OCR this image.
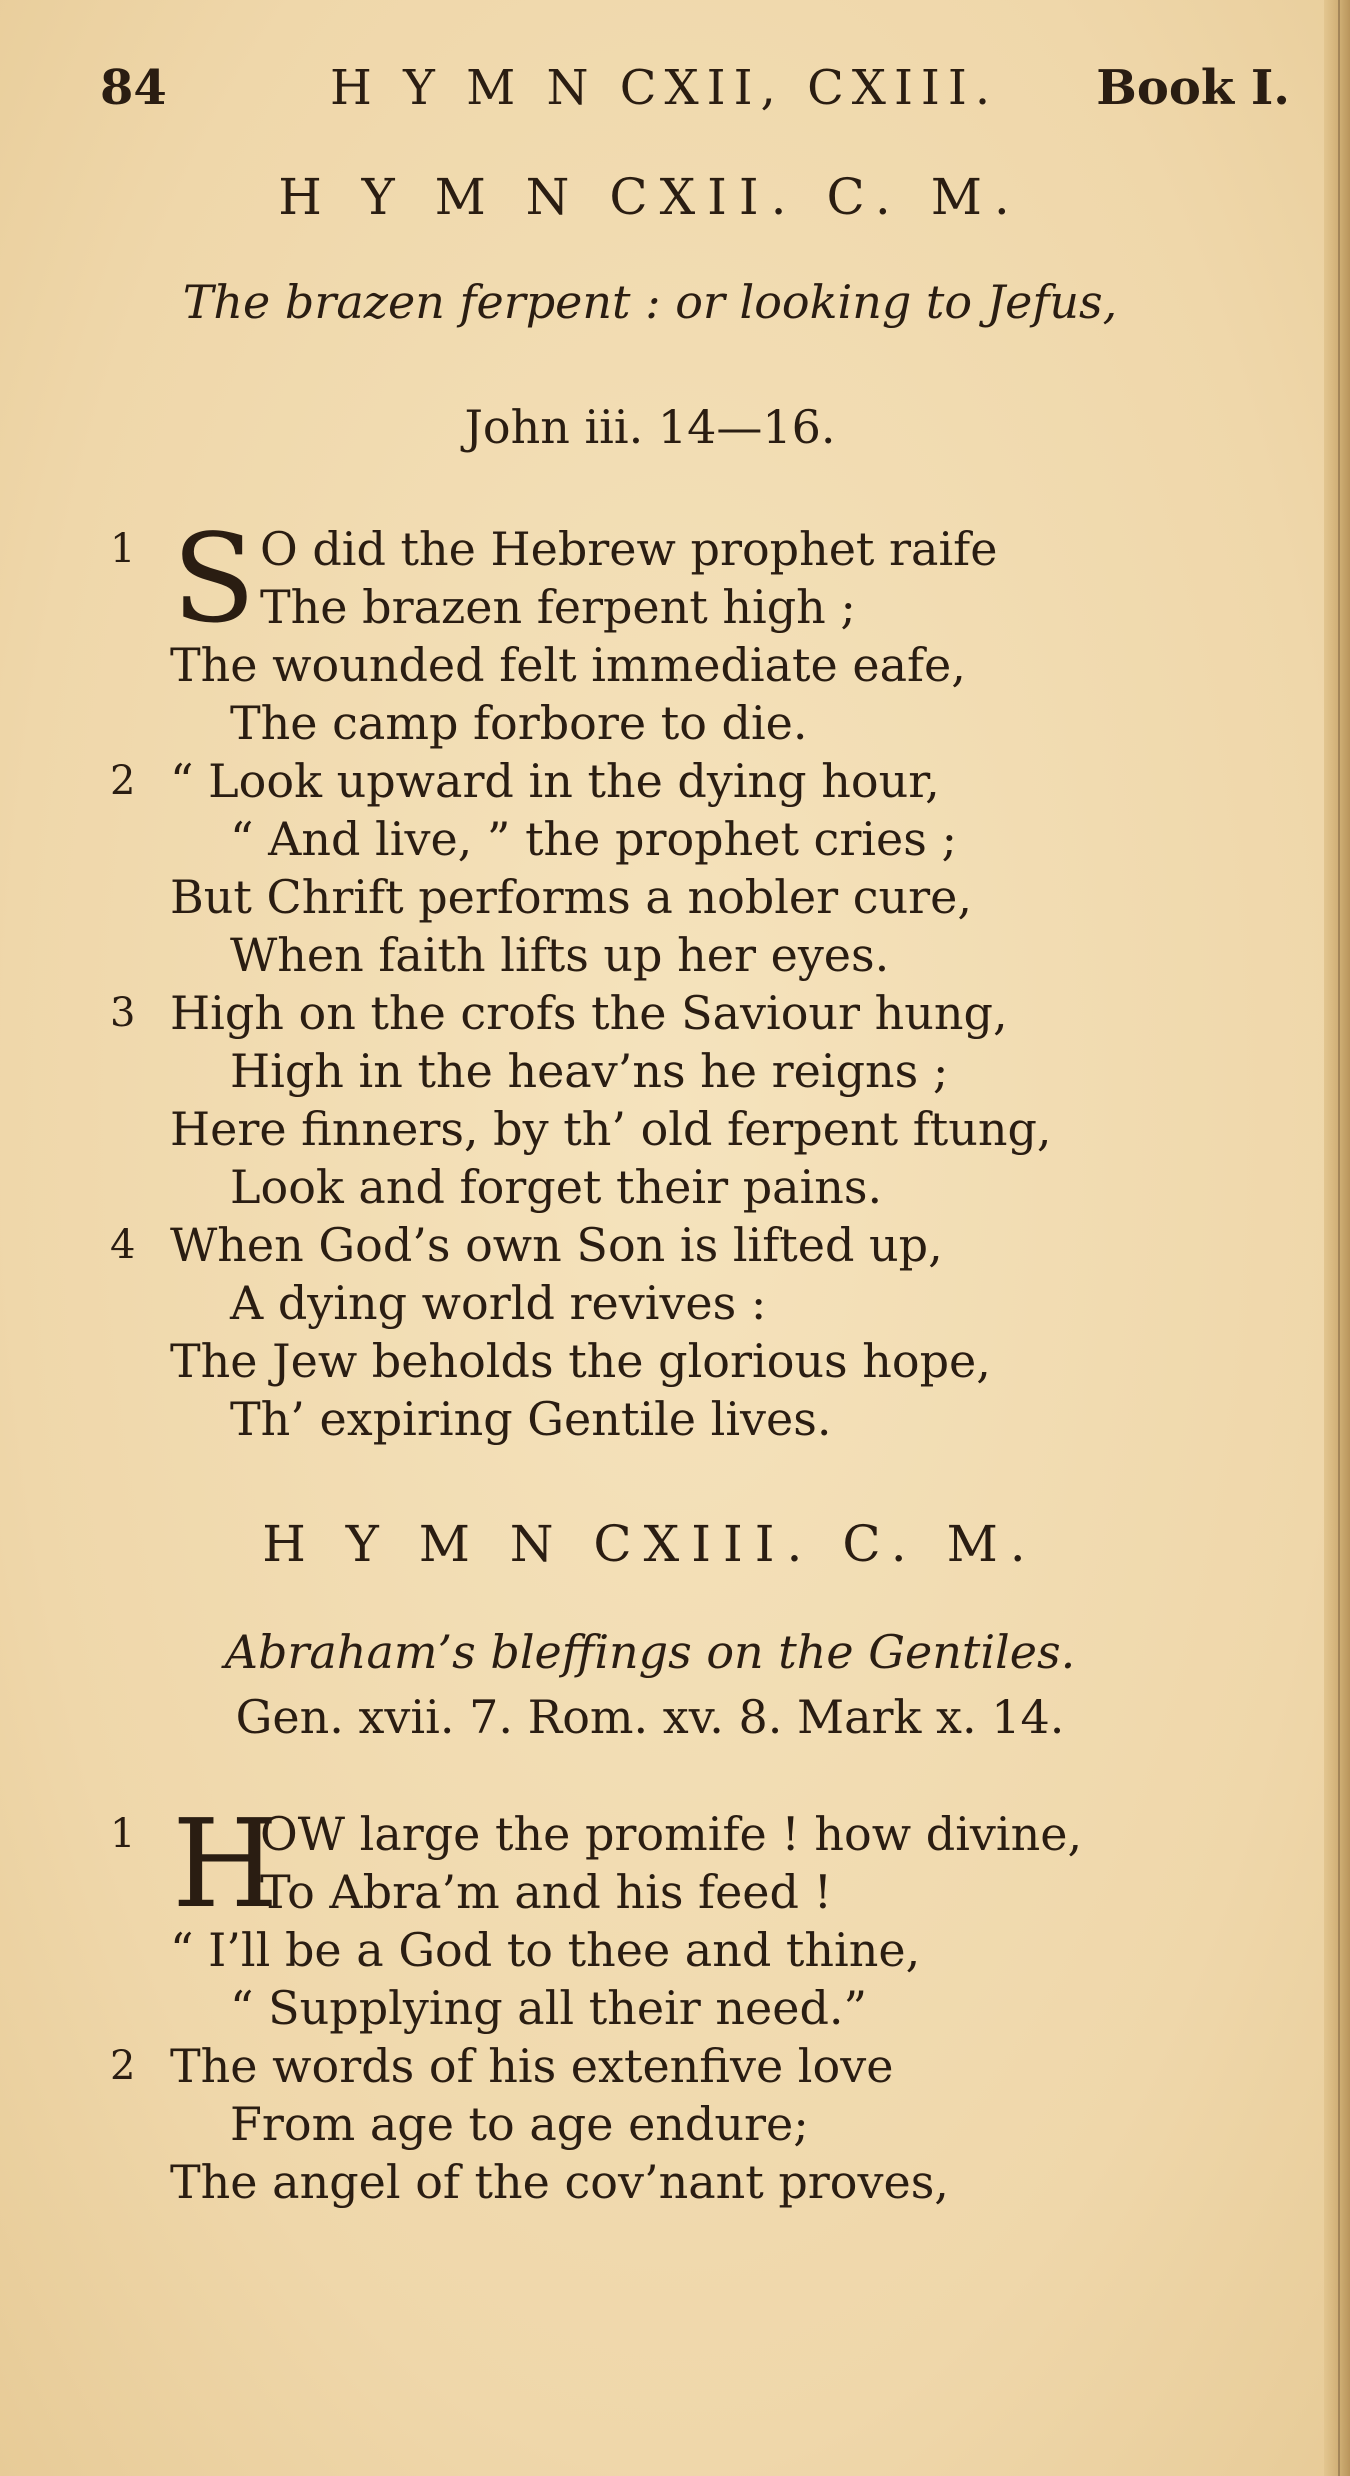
84	H Y M N CXII, CXIII. Book I.
H Y M N CXII. C. M.
The brazen ferpent : or looking to Jefus,
John iii. 14—16.
1 S O did the Hebrew prophet raife
The brazen ferpent high ;
The wounded felt immediate eafe,
The camp forbore to die.
2 “ Look upward in the dying hour,
“ And live, ” the prophet cries ;
But Chrift performs a nobler cure,
When faith lifts up her eyes.
3 High on the crofs the Saviour hung,
High in the heav’ns he reigns ;
Here finners, by th’ old ferpent ftung,
Look and forget their pains.
4 When God’s own Son is lifted up,
A dying world revives :
The Jew beholds the glorious hope,
Th’ expiring Gentile lives.
H Y M N CXIII. C. M.
Abraham’s bleffings on the Gentiles.
Gen. xvii. 7. Rom. xv. 8. Mark x. 14.
1 H
OW large the promife ! how divine,
To Abra’m and his feed !
“ I’ll be a God to thee and thine,
“ Supplying all their need.”
2 The words of his extenfive love
From age to age endure;
The angel of the cov’nant proves,
